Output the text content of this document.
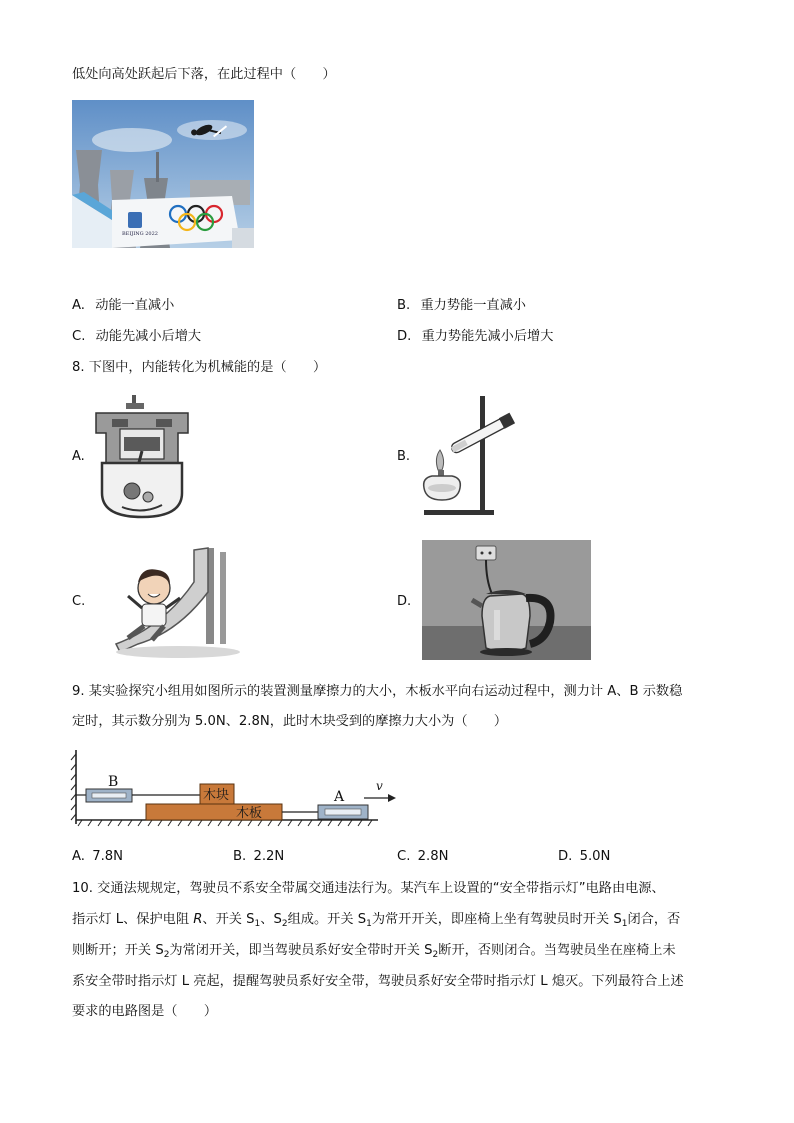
低处向高处跃起后下落，在此过程中（　　）
BEIJING 2022
A. 动能一直减小	B. 重力势能一直减小
C. 动能先减小后增大	D. 重力势能先减小后增大
8. 下图中，内能转化为机械能的是（　　）
A.	B.
C.	D.
9. 某实验探究小组用如图所示的装置测量摩擦力的大小，木板水平向右运动过程中，测力计 A、B 示数稳
定时，其示数分别为 5.0N、2.8N，此时木块受到的摩擦力大小为（　　）
B
木块
木板
A
v
A. 7.8N	B. 2.2N	C. 2.8N	D. 5.0N
10. 交通法规规定，驾驶员不系安全带属交通违法行为。某汽车上设置的“安全带指示灯”电路由电源、
指示灯 L、保护电阻 R、开关 $S_1$、$S_2$组成。开关 $S_1$为常开开关，即座椅上坐有驾驶员时开关 $S_1$闭合，否
则断开；开关 $S_2$为常闭开关，即当驾驶员系好安全带时开关 $S_2$断开，否则闭合。当驾驶员坐在座椅上未
系安全带时指示灯 L 亮起，提醒驾驶员系好安全带，驾驶员系好安全带时指示灯 L 熄灭。下列最符合上述
要求的电路图是（　　）
